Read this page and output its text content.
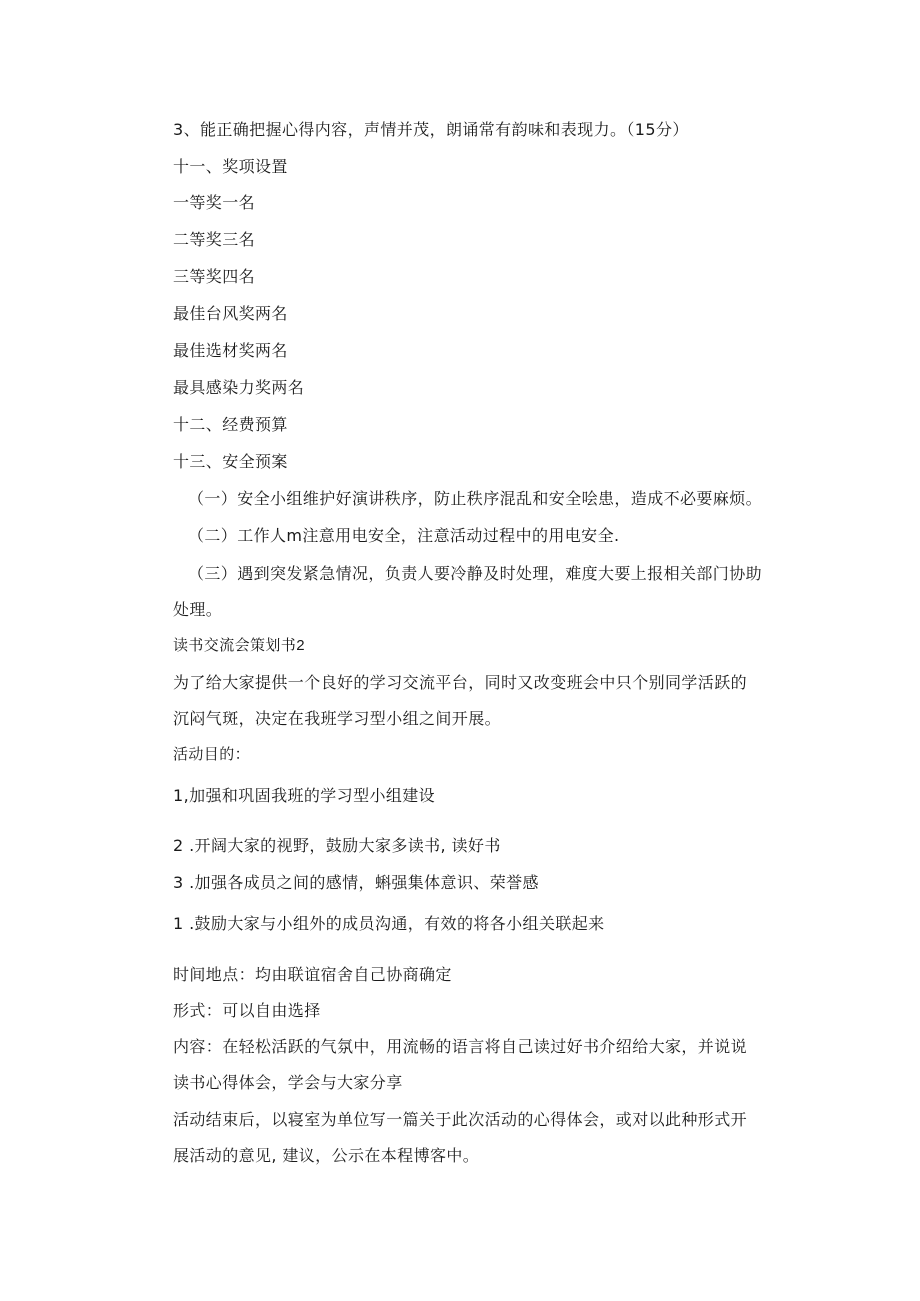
3、能正确把握心得内容，声情并茂，朗诵常有韵味和表现力。（15分）
十一、奖项设置
一等奖一名
二等奖三名
三等奖四名
最佳台风奖两名
最佳选材奖两名
最具感染力奖两名
十二、经费预算
十三、安全预案
（一）安全小组维护好演讲秩序，防止秩序混乱和安全哙患，造成不必要麻烦。
（二）工作人m注意用电安全，注意活动过程中的用电安全.
（三）遇到突发紧急情况，负责人要冷静及时处理，难度大要上报相关部门协助
处理。
读书交流会策划书2
为了给大家提供一个良好的学习交流平台，同时又改变班会中只个别同学活跃的
沉闷气斑，决定在我班学习型小组之间开展。
活动目的：
1,加强和巩固我班的学习型小组建设
2 .开阔大家的视野，鼓励大家多读书, 读好书
3 .加强各成员之间的感情，蝌强集体意识、荣誉感
1 .鼓励大家与小组外的成员沟通，有效的将各小组关联起来
时间地点：均由联谊宿舍自己协商确定
形式：可以自由选择
内容：在轻松活跃的气氛中，用流畅的语言将自己读过好书介绍给大家，并说说
读书心得体会，学会与大家分享
活动结束后，以寝室为单位写一篇关于此次活动的心得体会，或对以此种形式开
展活动的意见, 建议，公示在本程博客中。
